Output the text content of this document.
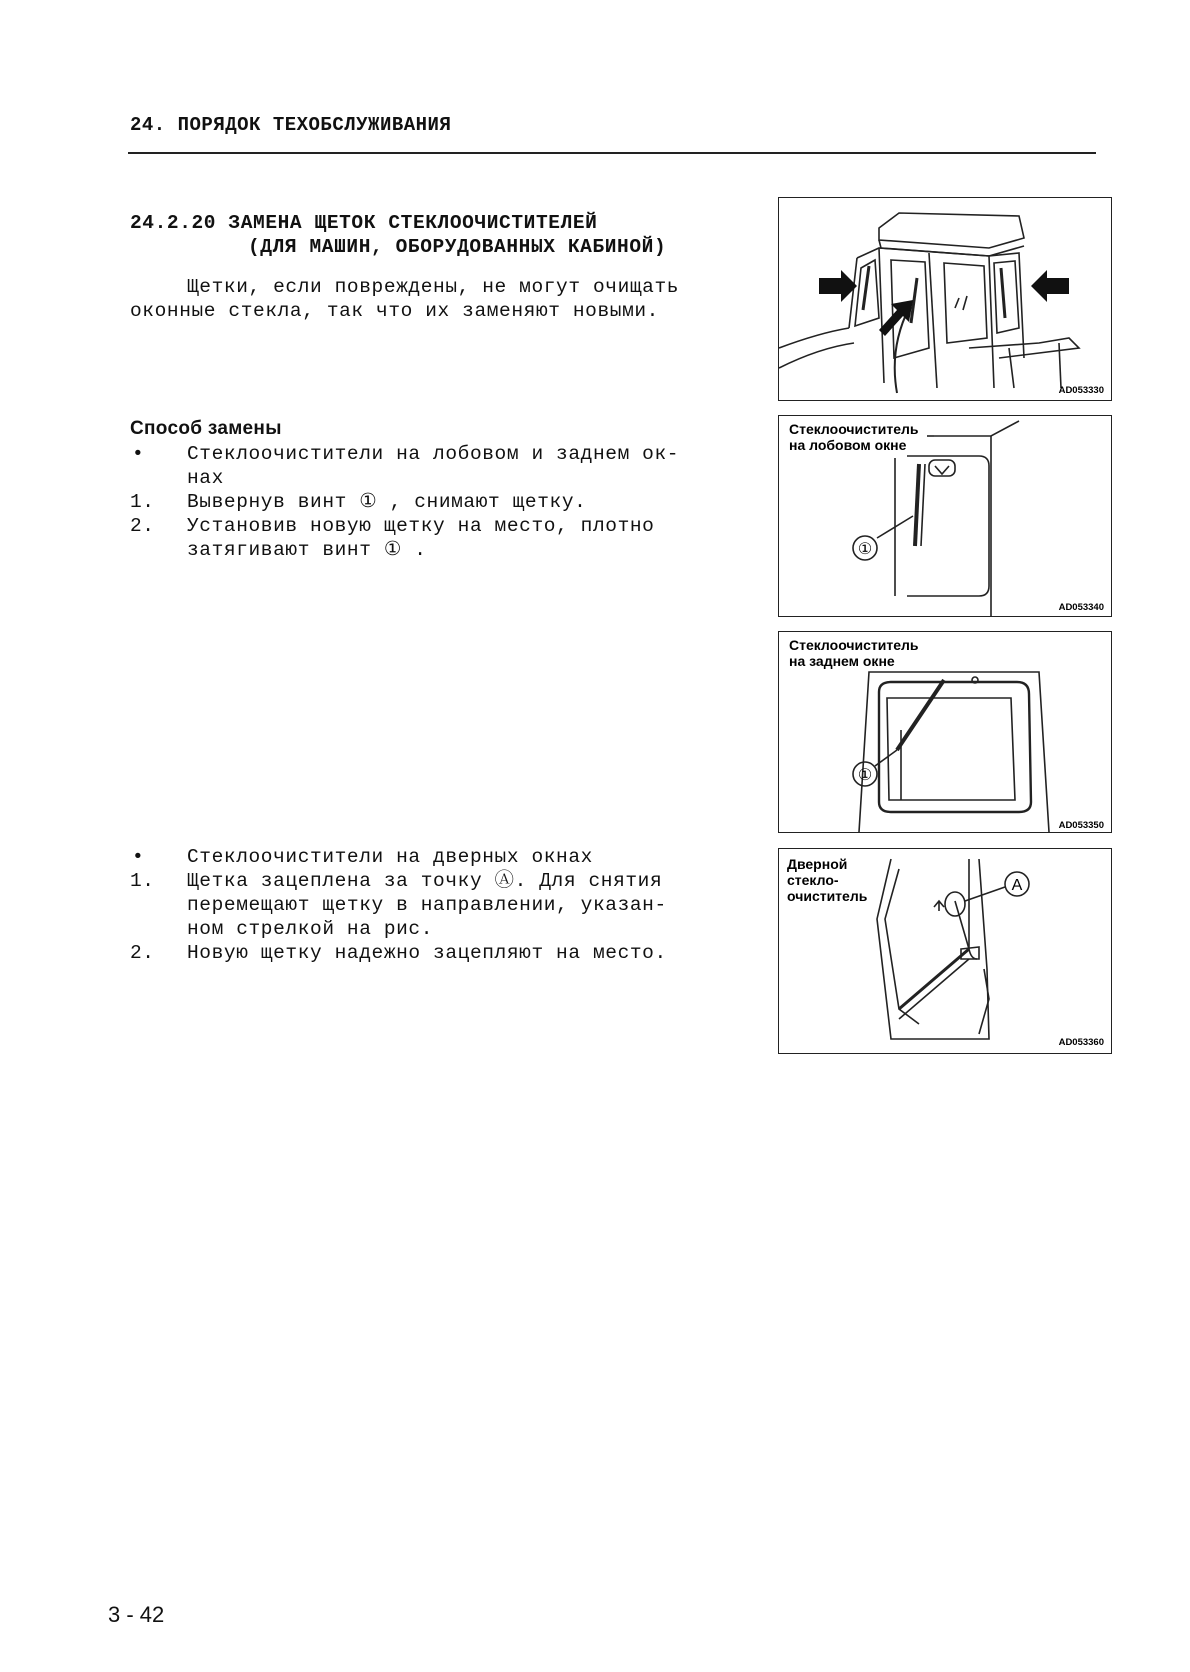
24. ПОРЯДОК ТЕХОБСЛУЖИВАНИЯ
24.2.20 ЗАМЕНА ЩЕТОК СТЕКЛООЧИСТИТЕЛЕЙ
(ДЛЯ МАШИН, ОБОРУДОВАННЫХ КАБИНОЙ)
Щетки, если повреждены, не могут очищать
оконные стекла, так что их заменяют новыми.
Способ замены
• Стеклоочистители на лобовом и заднем ок-
нах
1. Вывернув винт ① , снимают щетку.
2. Установив новую щетку на место, плотно
затягивают винт ① .
• Стеклоочистители на дверных окнах
1. Щетка зацеплена за точку Ⓐ. Для снятия
перемещают щетку в направлении, указан-
ном стрелкой на рис.
2. Новую щетку надежно зацепляют на место.
AD053330
Стеклоочиститель
на лобовом окне
①
AD053340
Стеклоочиститель
на заднем окне
①
AD053350
Дверной
стекло-
очиститель
A
AD053360
3 - 42
